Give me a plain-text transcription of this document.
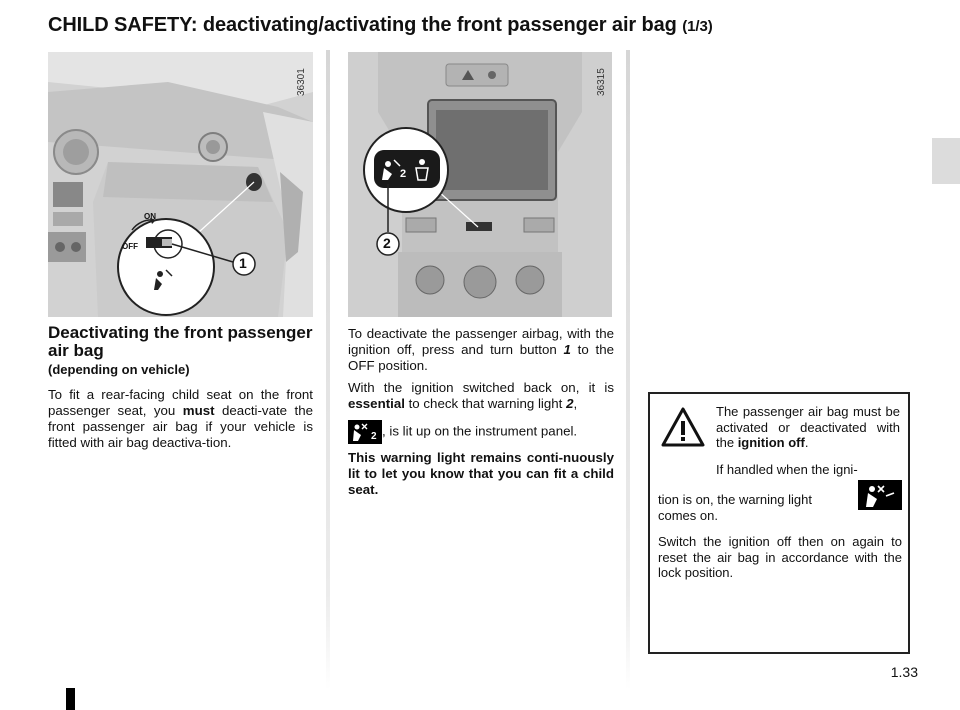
CHILD SAFETY: deactivating/activating the front passenger air bag (1/3)
ON
OFF
1
36301
2
2
36315
Deactivating the front passenger air bag
(depending on vehicle)

To fit a rear-facing child seat on the front passenger seat, you must deacti-vate the front passenger air bag if your vehicle is fitted with air bag deactiva-tion.

To deactivate the passenger airbag, with the ignition off, press and turn button 1 to the OFF position.

With the ignition switched back on, it is essential to check that warning light 2,

2 , is lit up on the instrument panel.

This warning light remains conti-nuously lit to let you know that you can fit a child seat.

The passenger air bag must be activated or deactivated with the ignition off.

If handled when the igni-

tion is on, the warning light

comes on.

Switch the ignition off then on again to reset the air bag in accordance with the lock position.

1.33
